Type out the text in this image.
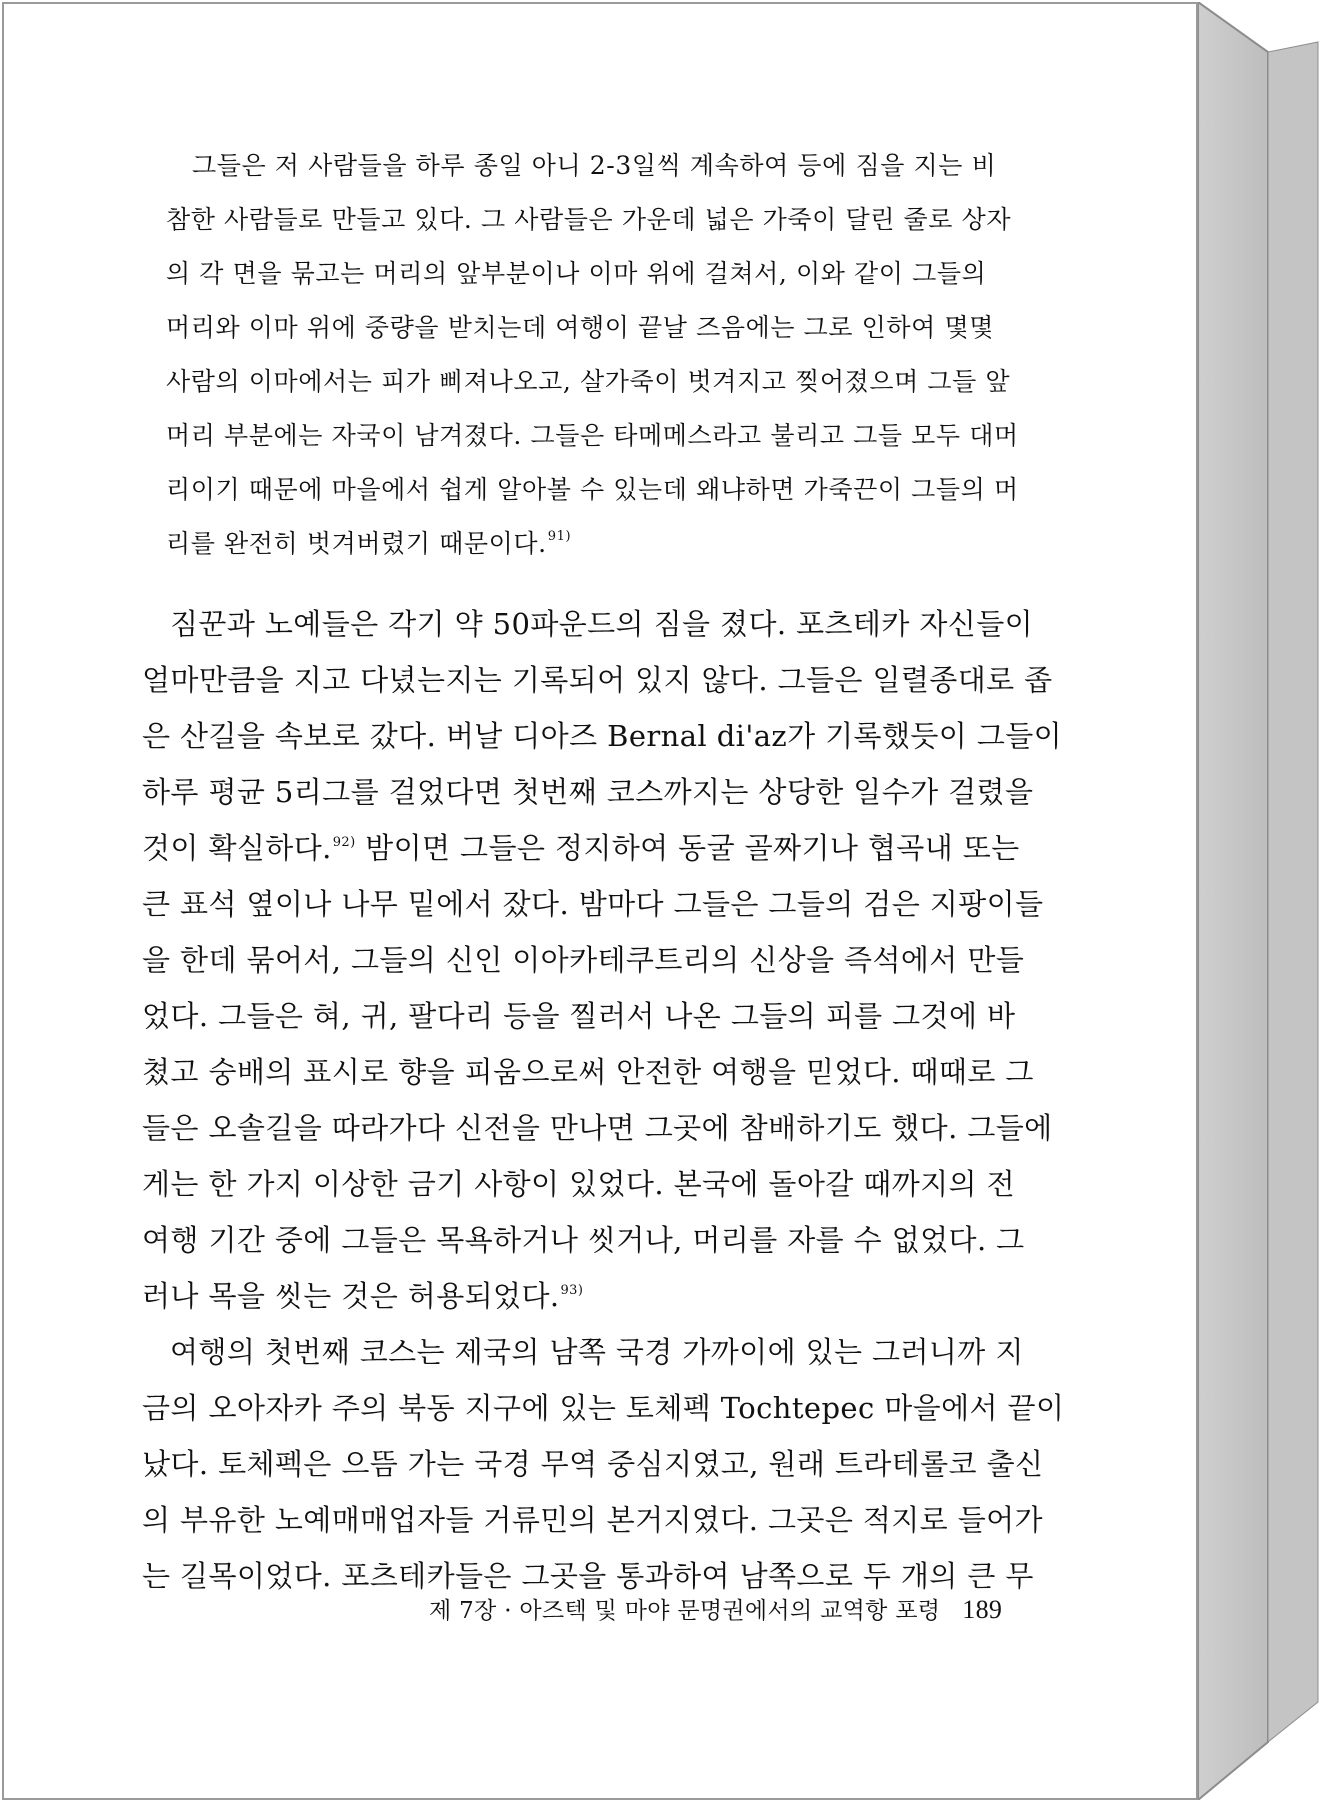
그들은 저 사람들을 하루 종일 아니 2-3일씩 계속하여 등에 짐을 지는 비
참한 사람들로 만들고 있다. 그 사람들은 가운데 넓은 가죽이 달린 줄로 상자
의 각 면을 묶고는 머리의 앞부분이나 이마 위에 걸쳐서, 이와 같이 그들의
머리와 이마 위에 중량을 받치는데 여행이 끝날 즈음에는 그로 인하여 몇몇
사람의 이마에서는 피가 삐져나오고, 살가죽이 벗겨지고 찢어졌으며 그들 앞
머리 부분에는 자국이 남겨졌다. 그들은 타메메스라고 불리고 그들 모두 대머
리이기 때문에 마을에서 쉽게 알아볼 수 있는데 왜냐하면 가죽끈이 그들의 머
리를 완전히 벗겨버렸기 때문이다.$^{91)}$
짐꾼과 노예들은 각기 약 50파운드의 짐을 졌다. 포츠테카 자신들이
얼마만큼을 지고 다녔는지는 기록되어 있지 않다. 그들은 일렬종대로 좁
은 산길을 속보로 갔다. 버날 디아즈 Bernal di'az가 기록했듯이 그들이
하루 평균 5리그를 걸었다면 첫번째 코스까지는 상당한 일수가 걸렸을
것이 확실하다.$^{92)}$ 밤이면 그들은 정지하여 동굴 골짜기나 협곡내 또는
큰 표석 옆이나 나무 밑에서 잤다. 밤마다 그들은 그들의 검은 지팡이들
을 한데 묶어서, 그들의 신인 이아카테쿠트리의 신상을 즉석에서 만들
었다. 그들은 혀, 귀, 팔다리 등을 찔러서 나온 그들의 피를 그것에 바
쳤고 숭배의 표시로 향을 피움으로써 안전한 여행을 믿었다. 때때로 그
들은 오솔길을 따라가다 신전을 만나면 그곳에 참배하기도 했다. 그들에
게는 한 가지 이상한 금기 사항이 있었다. 본국에 돌아갈 때까지의 전
여행 기간 중에 그들은 목욕하거나 씻거나, 머리를 자를 수 없었다. 그
러나 목을 씻는 것은 허용되었다.$^{93)}$
여행의 첫번째 코스는 제국의 남쪽 국경 가까이에 있는 그러니까 지
금의 오아자카 주의 북동 지구에 있는 토체펙 Tochtepec 마을에서 끝이
났다. 토체펙은 으뜸 가는 국경 무역 중심지였고, 원래 트라테롤코 출신
의 부유한 노예매매업자들 거류민의 본거지였다. 그곳은 적지로 들어가
는 길목이었다. 포츠테카들은 그곳을 통과하여 남쪽으로 두 개의 큰 무
제 7장 · 아즈텍 및 마야 문명권에서의 교역항 포령 189
